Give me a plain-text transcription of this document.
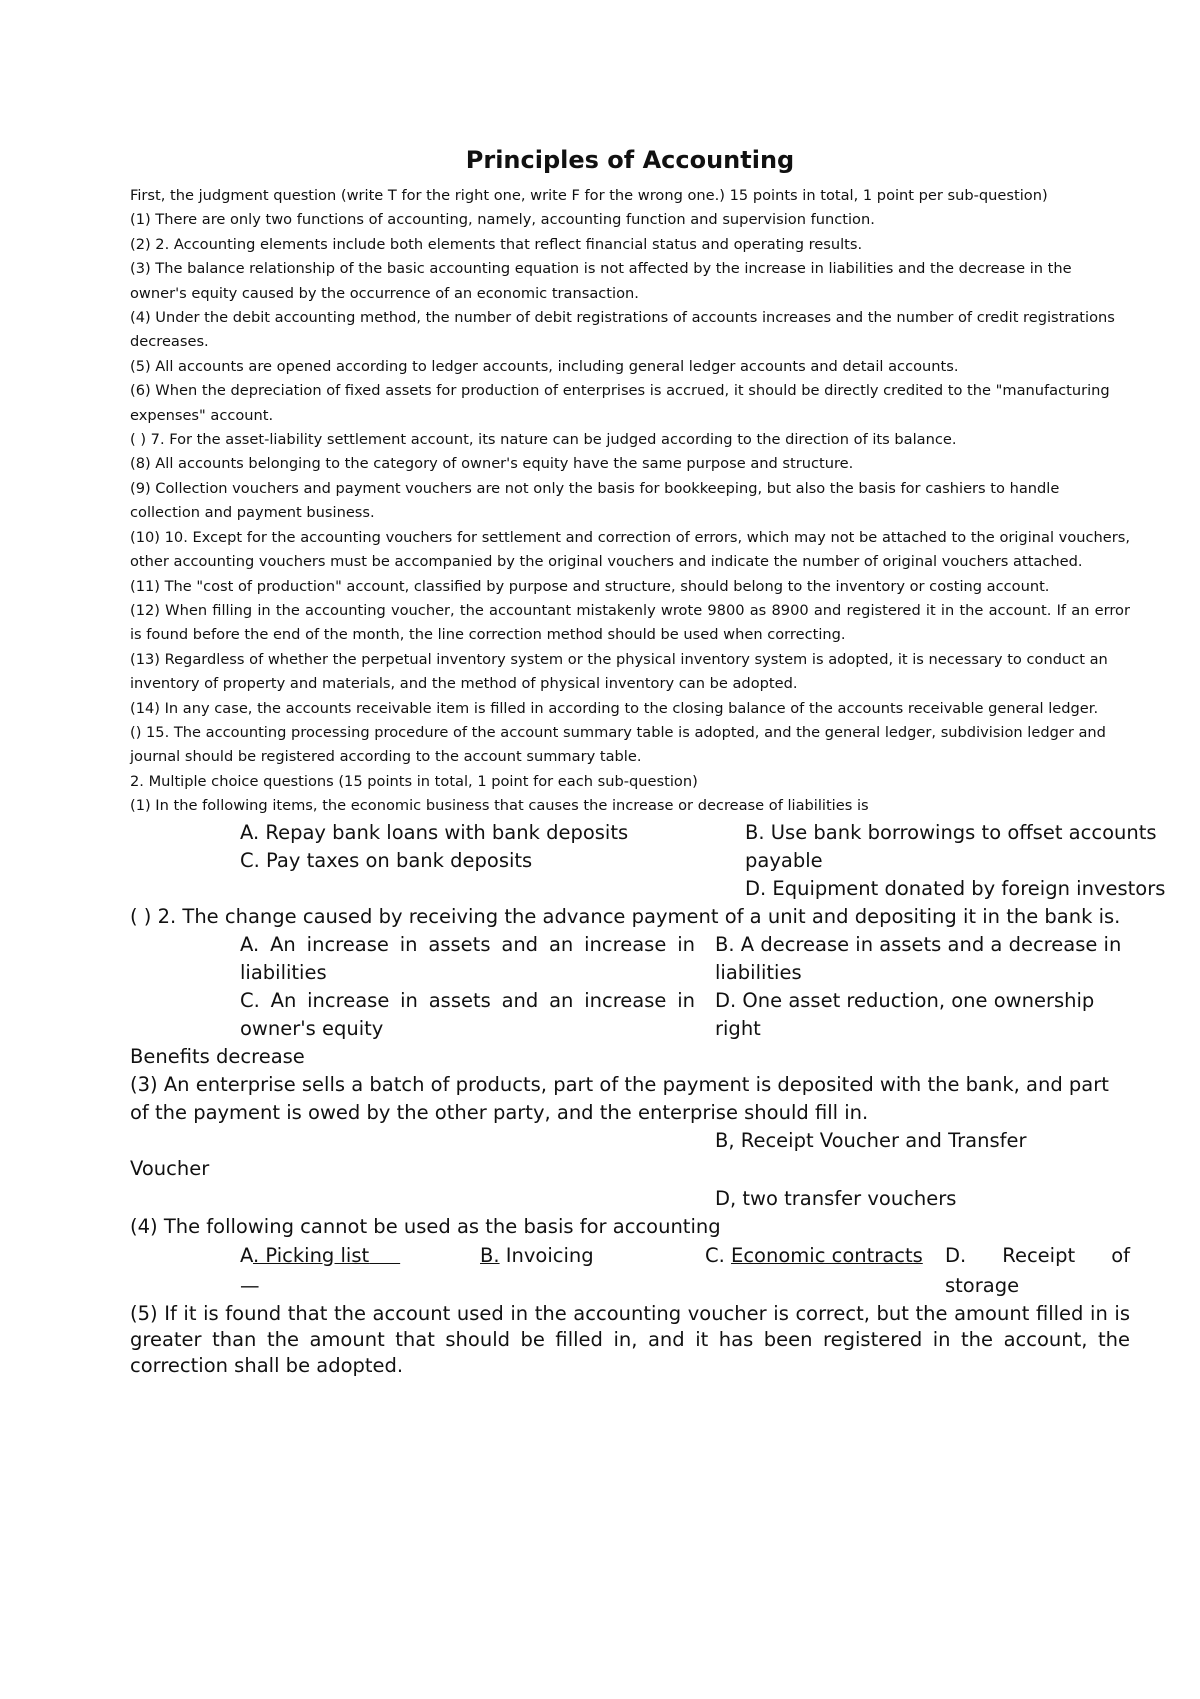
Principles of Accounting

First, the judgment question (write T for the right one, write F for the wrong one.) 15 points in total, 1 point per sub-question)

(1) There are only two functions of accounting, namely, accounting function and supervision function.

(2) 2. Accounting elements include both elements that reflect financial status and operating results.

(3) The balance relationship of the basic accounting equation is not affected by the increase in liabilities and the decrease in the owner's equity caused by the occurrence of an economic transaction.

(4) Under the debit accounting method, the number of debit registrations of accounts increases and the number of credit registrations decreases.

(5) All accounts are opened according to ledger accounts, including general ledger accounts and detail accounts.

(6) When the depreciation of fixed assets for production of enterprises is accrued, it should be directly credited to the "manufacturing expenses" account.

( ) 7. For the asset-liability settlement account, its nature can be judged according to the direction of its balance.

(8) All accounts belonging to the category of owner's equity have the same purpose and structure.

(9) Collection vouchers and payment vouchers are not only the basis for bookkeeping, but also the basis for cashiers to handle collection and payment business.

(10) 10. Except for the accounting vouchers for settlement and correction of errors, which may not be attached to the original vouchers, other accounting vouchers must be accompanied by the original vouchers and indicate the number of original vouchers attached.

(11) The "cost of production" account, classified by purpose and structure, should belong to the inventory or costing account.

(12) When filling in the accounting voucher, the accountant mistakenly wrote 9800 as 8900 and registered it in the account. If an error is found before the end of the month, the line correction method should be used when correcting.

(13) Regardless of whether the perpetual inventory system or the physical inventory system is adopted, it is necessary to conduct an inventory of property and materials, and the method of physical inventory can be adopted.

(14) In any case, the accounts receivable item is filled in according to the closing balance of the accounts receivable general ledger.

() 15. The accounting processing procedure of the account summary table is adopted, and the general ledger, subdivision ledger and journal should be registered according to the account summary table.

2. Multiple choice questions (15 points in total, 1 point for each sub-question)

(1) In the following items, the economic business that causes the increase or decrease of liabilities is

A. Repay bank loans with bank deposits
C. Pay taxes on bank deposits
B. Use bank borrowings to offset accounts payable
D. Equipment donated by foreign investors

( ) 2. The change caused by receiving the advance payment of a unit and depositing it in the bank is.

A. An increase in assets and an increase in liabilities
B. A decrease in assets and a decrease in liabilities
C. An increase in assets and an increase in owner's equity
D. One asset reduction, one ownership right

Benefits decrease

(3) An enterprise sells a batch of products, part of the payment is deposited with the bank, and part of the payment is owed by the other party, and the enterprise should fill in.

B, Receipt Voucher and Transfer

Voucher

D, two transfer vouchers

(4) The following cannot be used as the basis for accounting

A. Picking list
—
B. Invoicing	C. Economic contracts	D. Receipt of storage

(5) If it is found that the account used in the accounting voucher is correct, but the amount filled in is greater than the amount that should be filled in, and it has been registered in the account, the correction shall be adopted.
